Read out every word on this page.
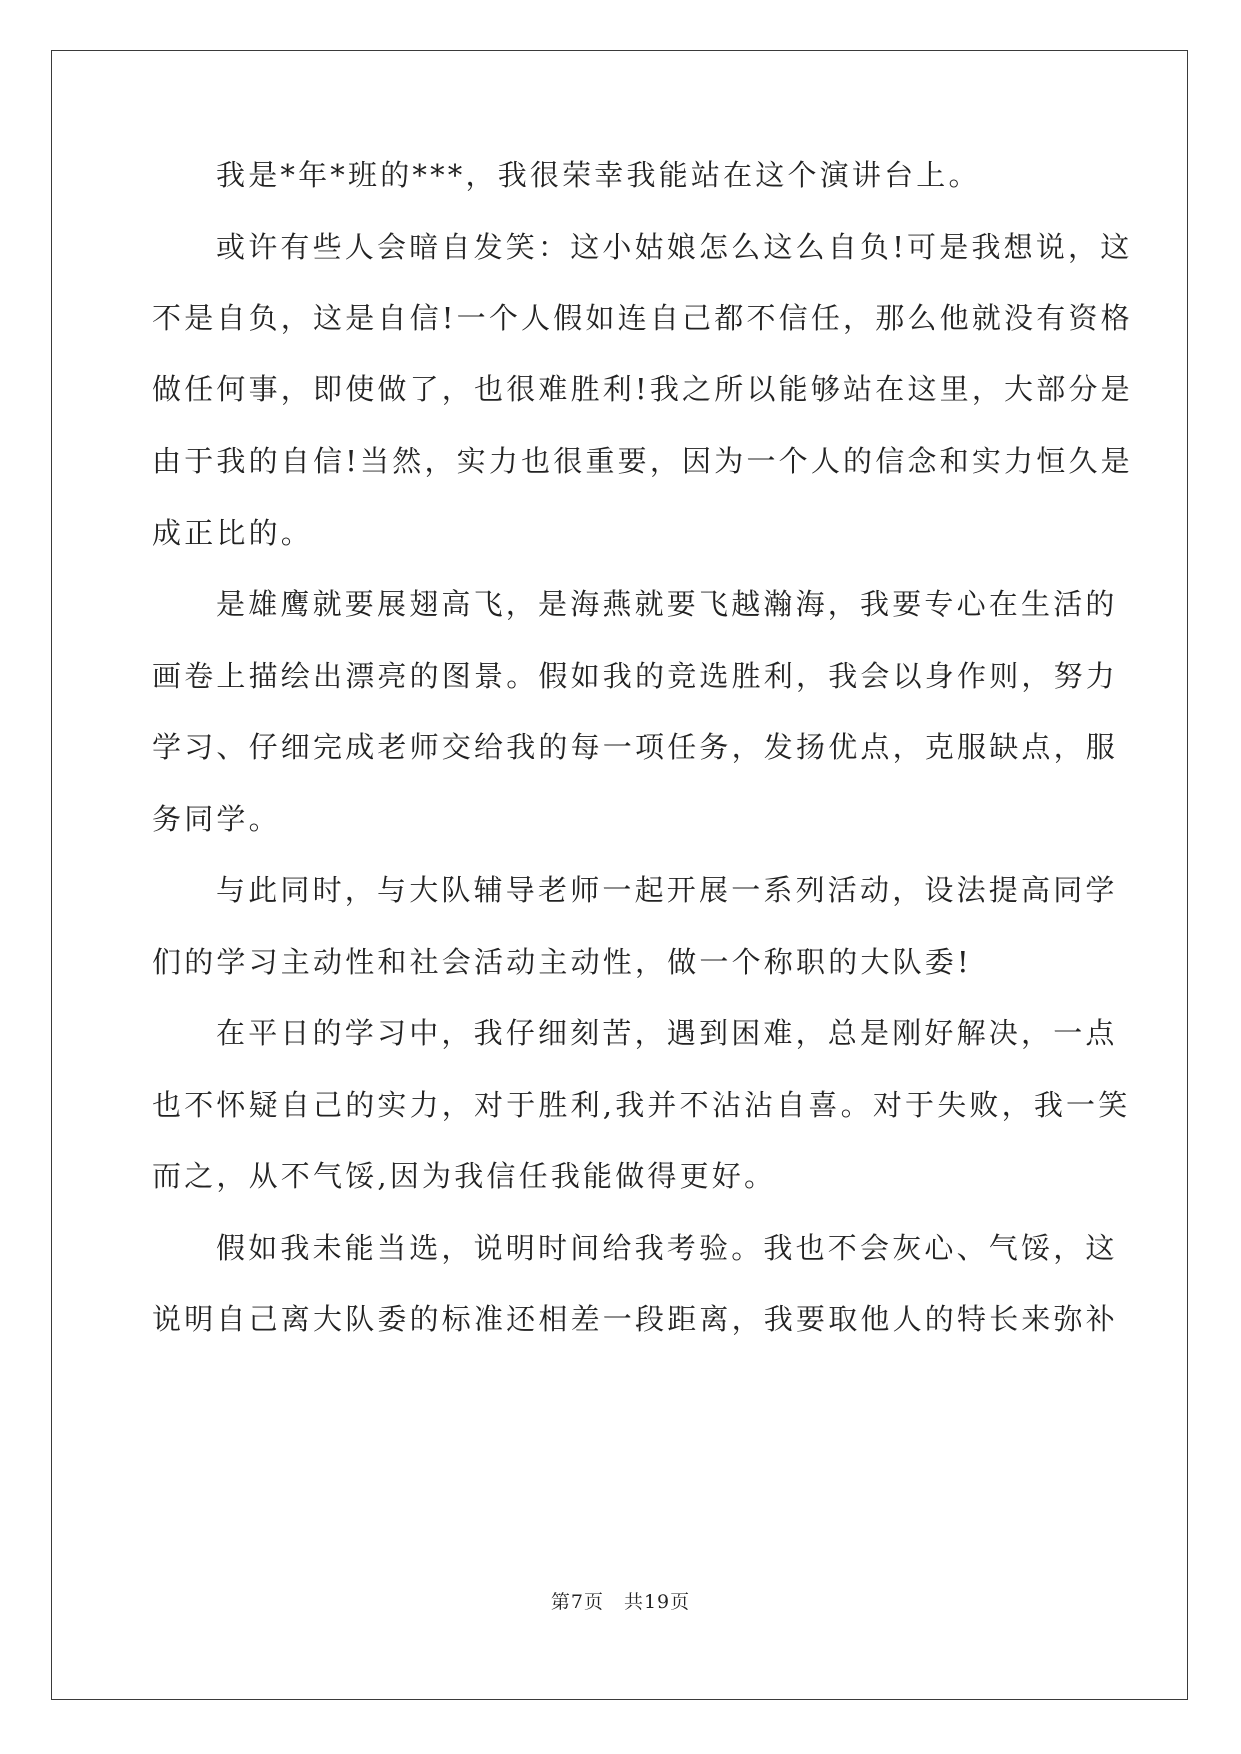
我是*年*班的***，我很荣幸我能站在这个演讲台上。
或许有些人会暗自发笑：这小姑娘怎么这么自负!可是我想说，这
不是自负，这是自信!一个人假如连自己都不信任，那么他就没有资格
做任何事，即使做了，也很难胜利!我之所以能够站在这里，大部分是
由于我的自信!当然，实力也很重要，因为一个人的信念和实力恒久是
成正比的。
是雄鹰就要展翅高飞，是海燕就要飞越瀚海，我要专心在生活的
画卷上描绘出漂亮的图景。假如我的竞选胜利，我会以身作则，努力
学习、仔细完成老师交给我的每一项任务，发扬优点，克服缺点，服
务同学。
与此同时，与大队辅导老师一起开展一系列活动，设法提高同学
们的学习主动性和社会活动主动性，做一个称职的大队委!
在平日的学习中，我仔细刻苦，遇到困难，总是刚好解决，一点
也不怀疑自己的实力，对于胜利,我并不沾沾自喜。对于失败，我一笑
而之，从不气馁,因为我信任我能做得更好。
假如我未能当选，说明时间给我考验。我也不会灰心、气馁，这
说明自己离大队委的标准还相差一段距离，我要取他人的特长来弥补
第7页　共19页
